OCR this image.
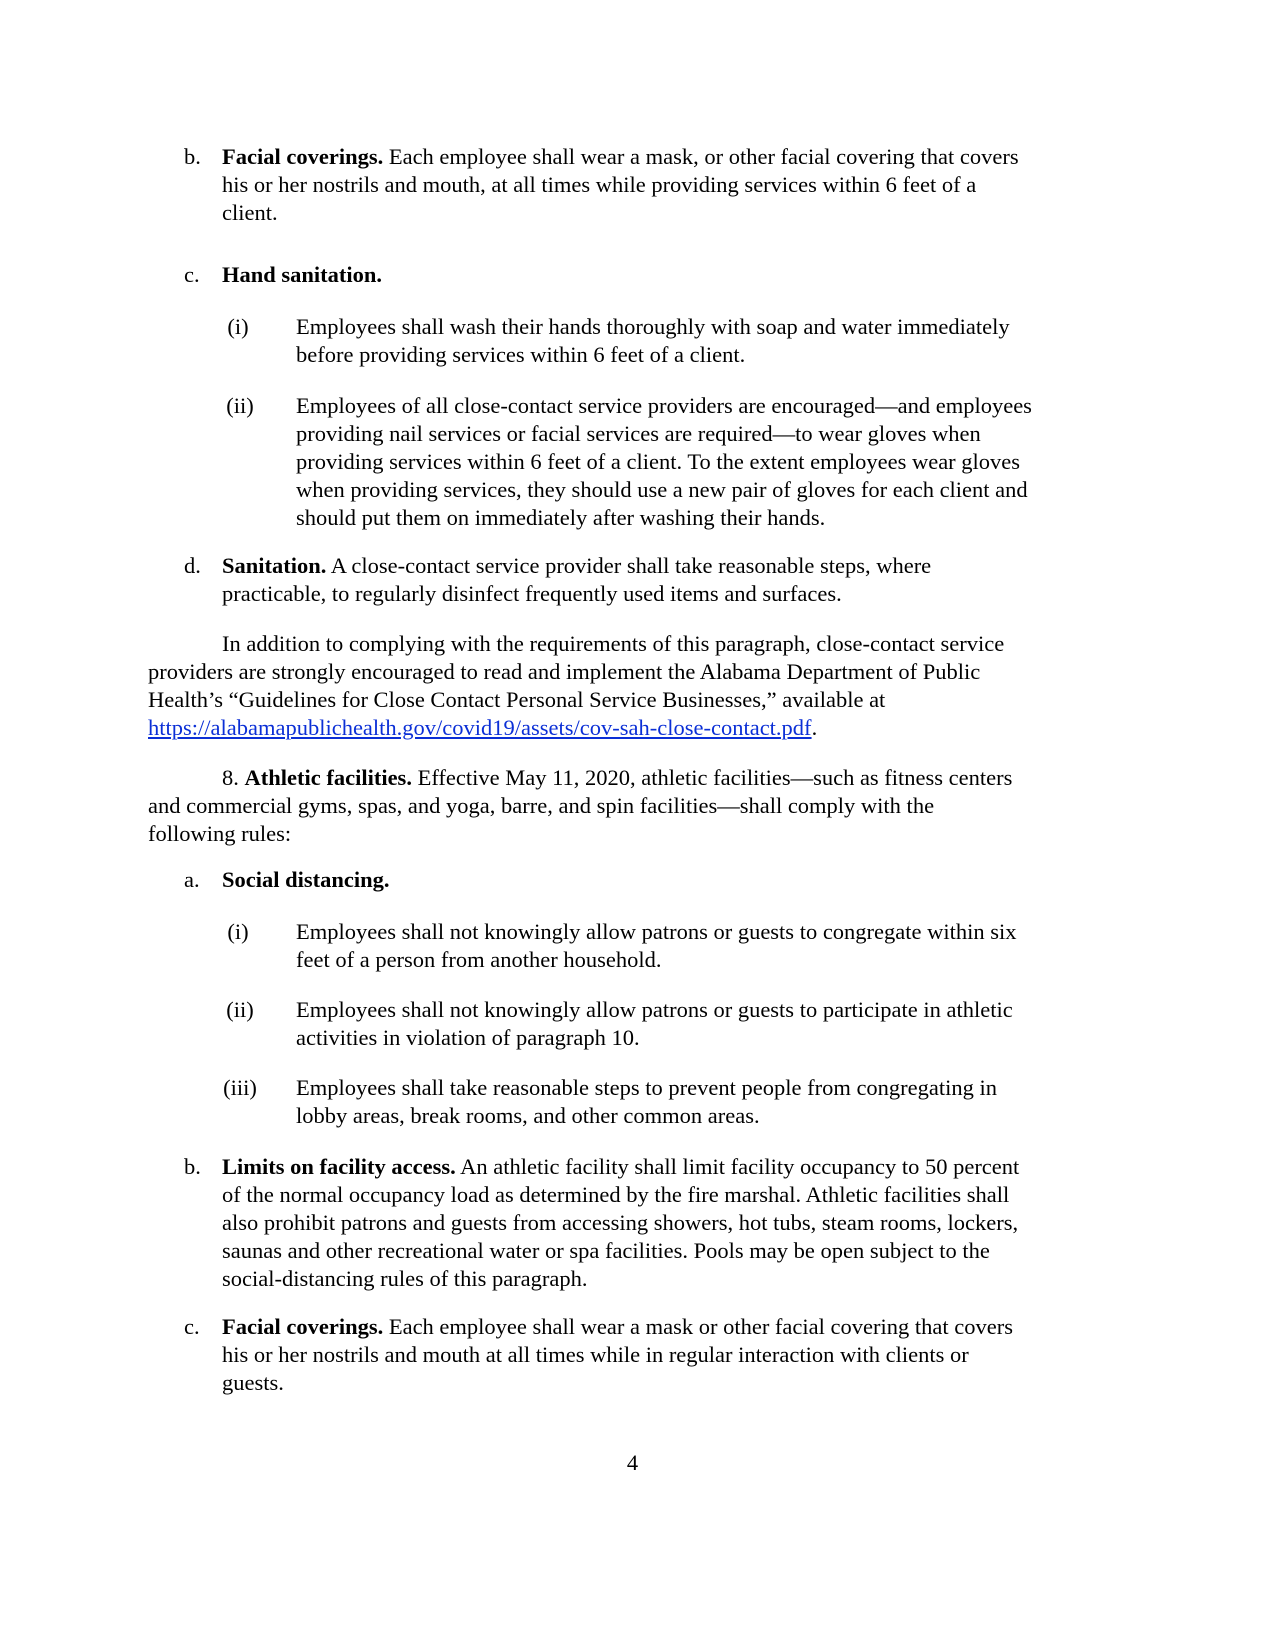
b. Facial coverings. Each employee shall wear a mask, or other facial covering that covers
his or her nostrils and mouth, at all times while providing services within 6 feet of a
client.
c. Hand sanitation.
(i)	Employees shall wash their hands thoroughly with soap and water immediately
before providing services within 6 feet of a client.
(ii)	Employees of all close-contact service providers are encouraged—and employees
providing nail services or facial services are required—to wear gloves when
providing services within 6 feet of a client. To the extent employees wear gloves
when providing services, they should use a new pair of gloves for each client and
should put them on immediately after washing their hands.
d. Sanitation. A close-contact service provider shall take reasonable steps, where
practicable, to regularly disinfect frequently used items and surfaces.
In addition to complying with the requirements of this paragraph, close-contact service
providers are strongly encouraged to read and implement the Alabama Department of Public
Health’s “Guidelines for Close Contact Personal Service Businesses,” available at
https://alabamapublichealth.gov/covid19/assets/cov-sah-close-contact.pdf.
8. Athletic facilities. Effective May 11, 2020, athletic facilities—such as fitness centers
and commercial gyms, spas, and yoga, barre, and spin facilities—shall comply with the
following rules:
a. Social distancing.
(i)	Employees shall not knowingly allow patrons or guests to congregate within six
feet of a person from another household.
(ii)	Employees shall not knowingly allow patrons or guests to participate in athletic
activities in violation of paragraph 10.
(iii)	Employees shall take reasonable steps to prevent people from congregating in
lobby areas, break rooms, and other common areas.
b. Limits on facility access. An athletic facility shall limit facility occupancy to 50 percent
of the normal occupancy load as determined by the fire marshal. Athletic facilities shall
also prohibit patrons and guests from accessing showers, hot tubs, steam rooms, lockers,
saunas and other recreational water or spa facilities. Pools may be open subject to the
social-distancing rules of this paragraph.
c. Facial coverings. Each employee shall wear a mask or other facial covering that covers
his or her nostrils and mouth at all times while in regular interaction with clients or
guests.
4
